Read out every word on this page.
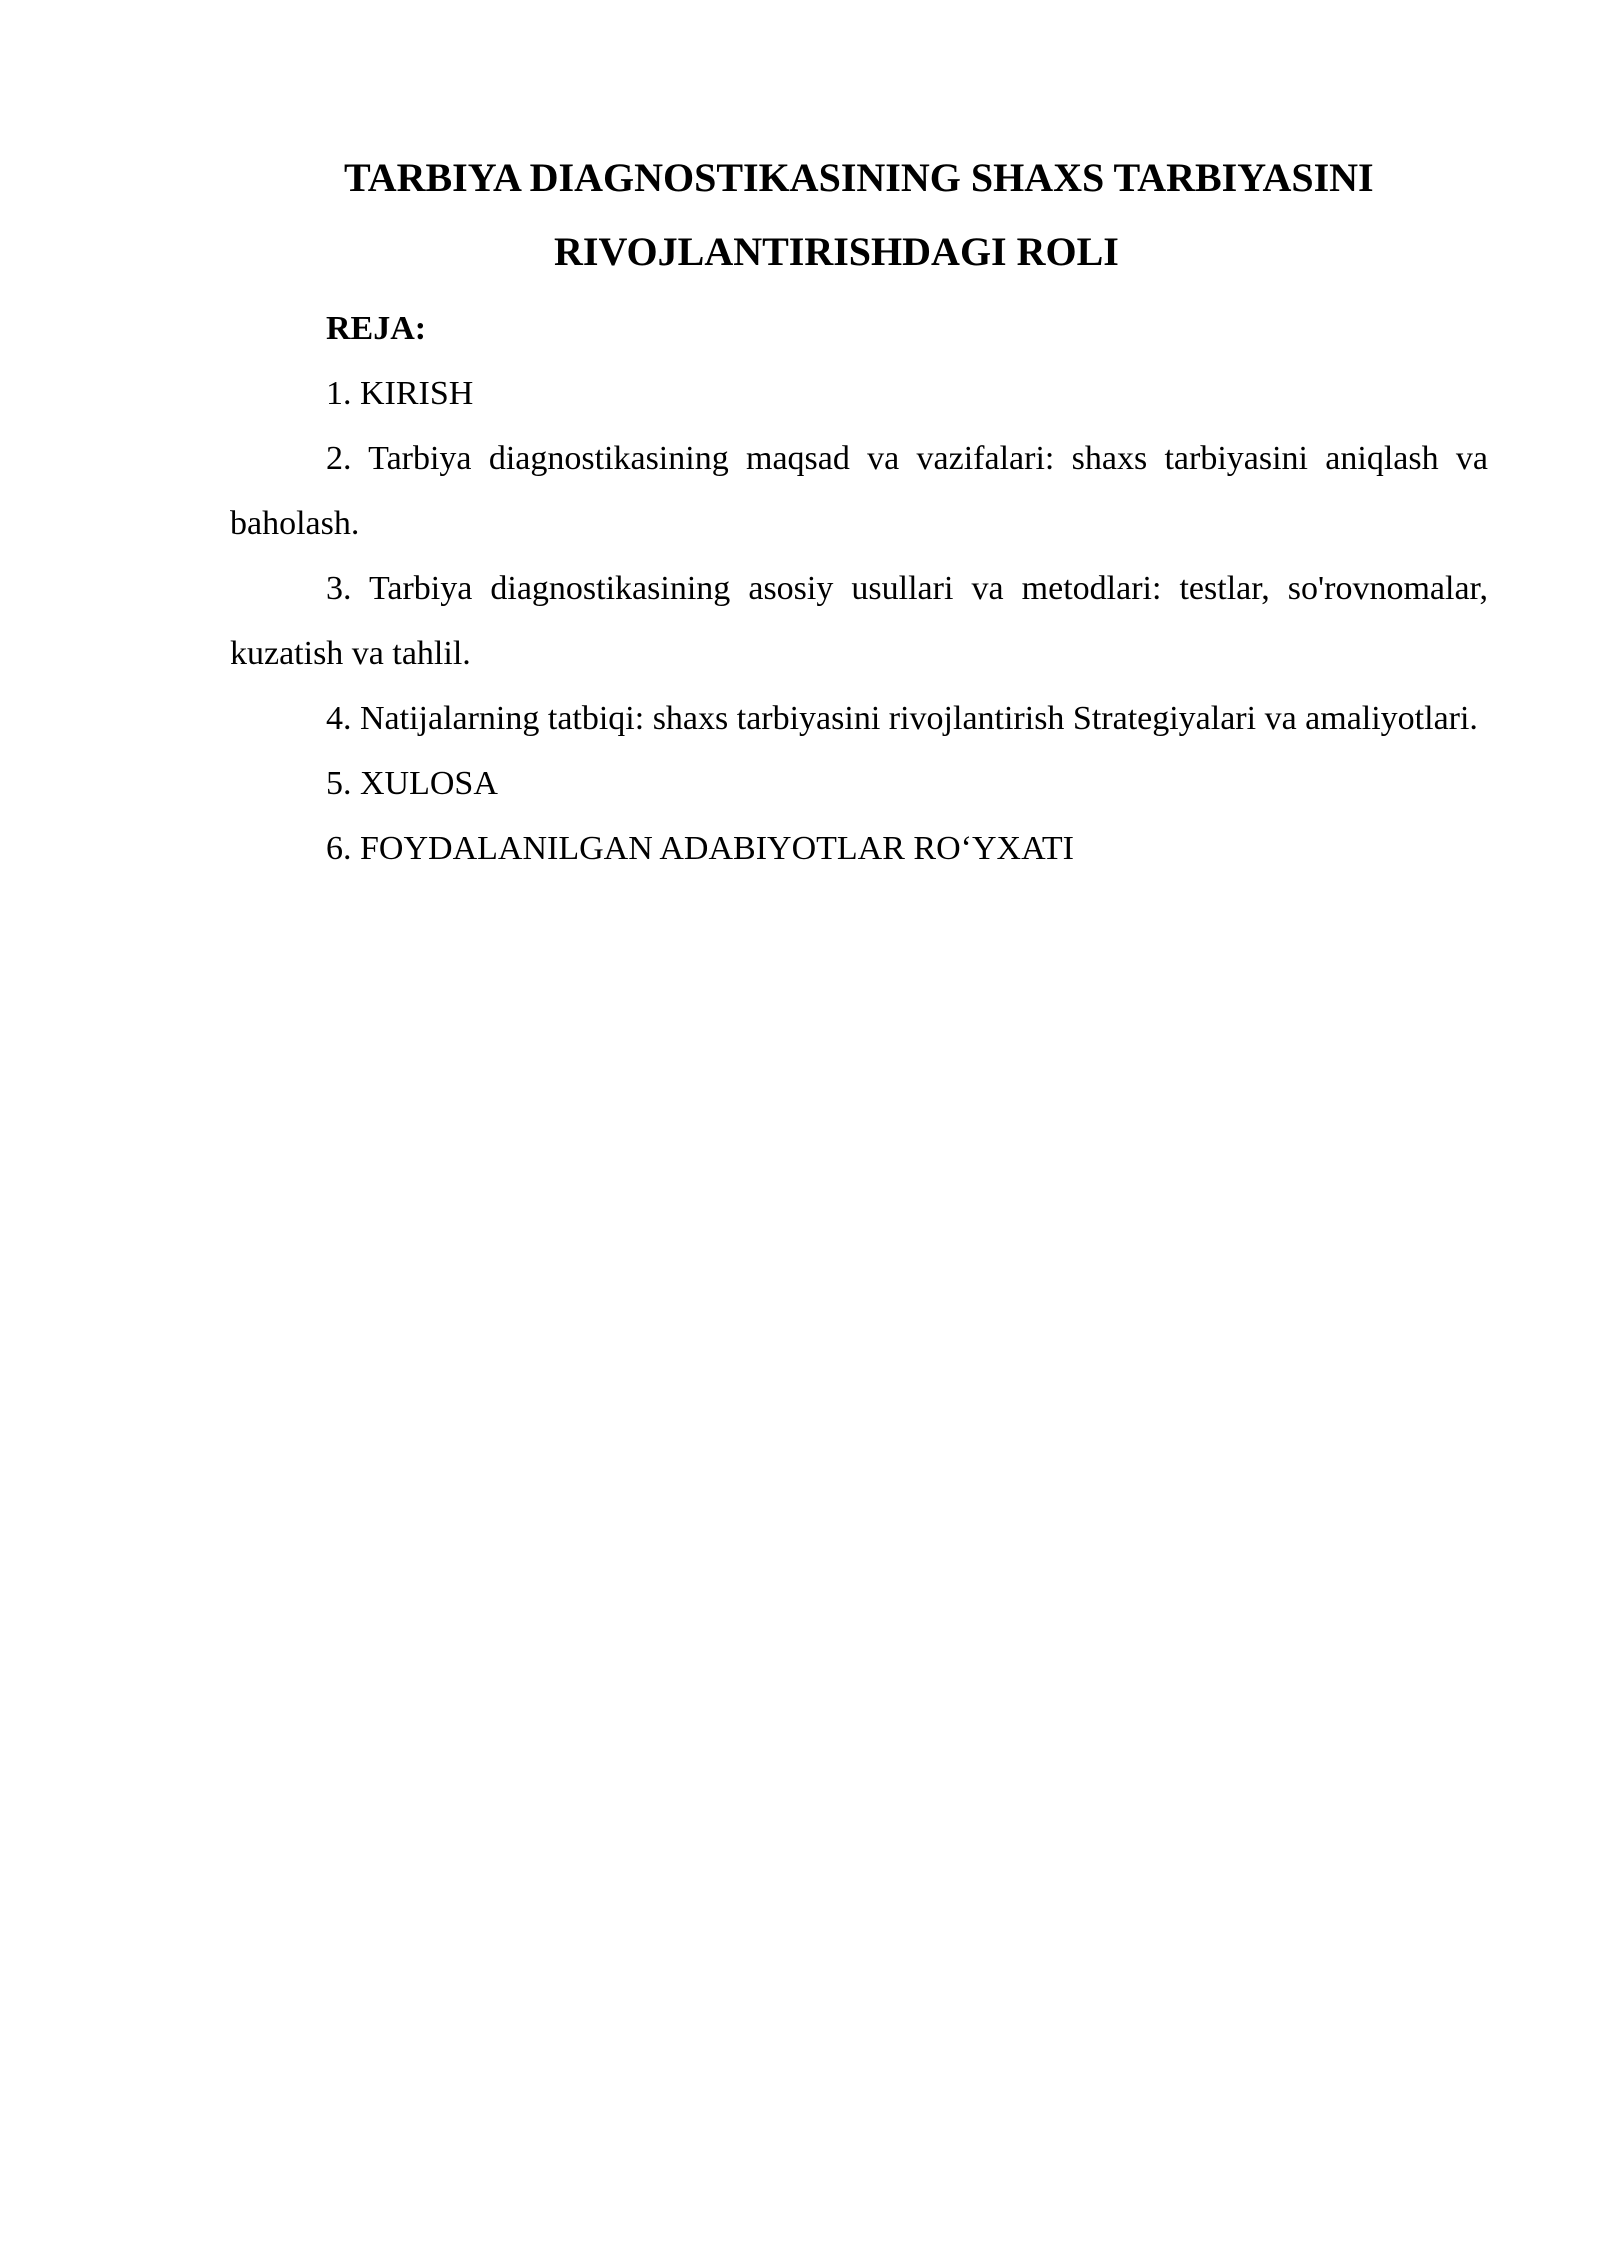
TARBIYA DIAGNOSTIKASINING SHAXS TARBIYASINI
RIVOJLANTIRISHDAGI ROLI

REJA:

1. KIRISH

2. Tarbiya diagnostikasining maqsad va vazifalari: shaxs tarbiyasini aniqlash va baholash.

3. Tarbiya diagnostikasining asosiy usullari va metodlari: testlar, so'rovnomalar, kuzatish va tahlil.

4. Natijalarning tatbiqi: shaxs tarbiyasini rivojlantirish Strategiyalari va amaliyotlari.

5. XULOSA

6. FOYDALANILGAN ADABIYOTLAR RO‘YXATI
